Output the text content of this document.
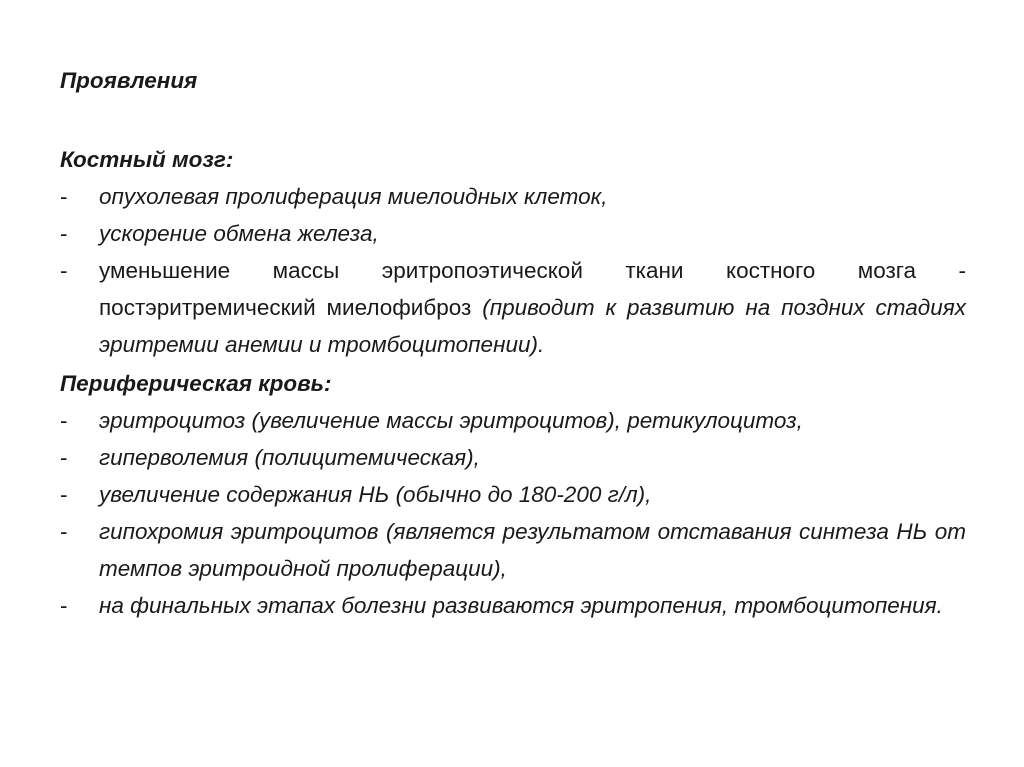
Проявления
Костный мозг:
- опухолевая пролиферация миелоидных клеток,
- ускорение обмена железа,
- уменьшение массы эритропоэтической ткани костного мозга - постэритремический миелофиброз (приводит к развитию на поздних стадиях эритремии анемии и тромбоцитопении).
Периферическая кровь:
- эритроцитоз (увеличение массы эритроцитов), ретикулоцитоз,
- гиперволемия (полицитемическая),
- увеличение содержания НЬ (обычно до 180-200 г/л),
- гипохромия эритроцитов (является результатом отставания синтеза НЬ от темпов эритроидной пролиферации),
- на финальных этапах болезни развиваются эритропения, тромбоцитопения.
